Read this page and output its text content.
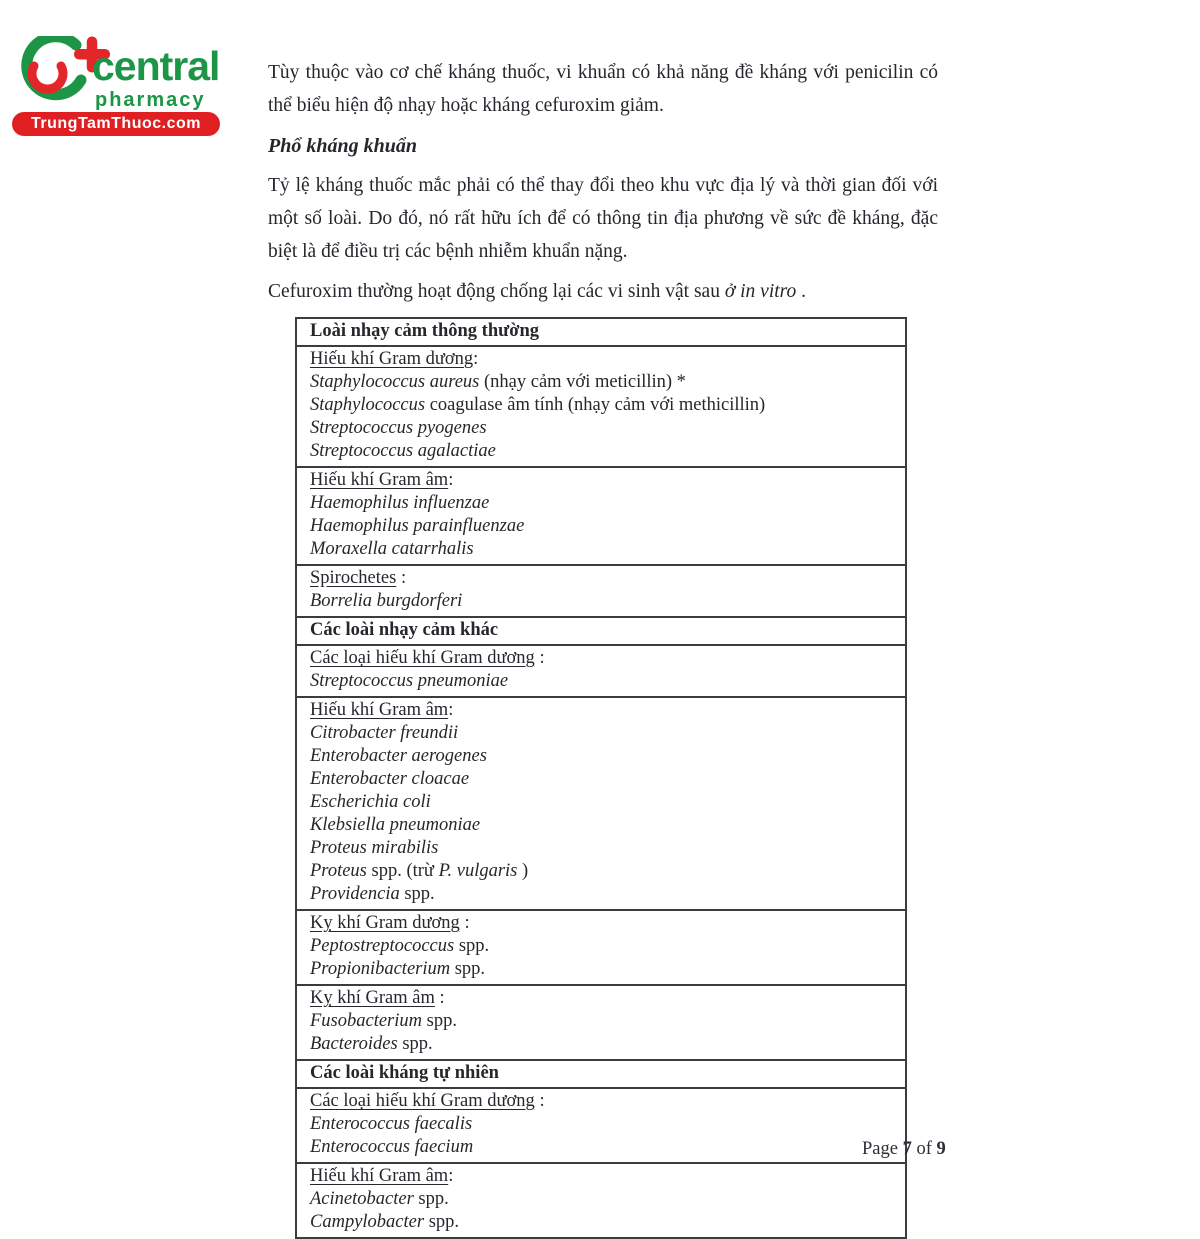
central
pharmacy
TrungTamThuoc.com

Tùy thuộc vào cơ chế kháng thuốc, vi khuẩn có khả năng đề kháng với penicilin có thể biểu hiện độ nhạy hoặc kháng cefuroxim giảm.

Phổ kháng khuẩn

Tỷ lệ kháng thuốc mắc phải có thể thay đổi theo khu vực địa lý và thời gian đối với một số loài. Do đó, nó rất hữu ích để có thông tin địa phương về sức đề kháng, đặc biệt là để điều trị các bệnh nhiễm khuẩn nặng.

Cefuroxim thường hoạt động chống lại các vi sinh vật sau ở in vitro .

Loài nhạy cảm thông thường
Hiếu khí Gram dương:
Staphylococcus aureus (nhạy cảm với meticillin) *
Staphylococcus coagulase âm tính (nhạy cảm với methicillin)
Streptococcus pyogenes
Streptococcus agalactiae
Hiếu khí Gram âm:
Haemophilus influenzae
Haemophilus parainfluenzae
Moraxella catarrhalis
Spirochetes :
Borrelia burgdorferi
Các loài nhạy cảm khác
Các loại hiếu khí Gram dương :
Streptococcus pneumoniae
Hiếu khí Gram âm:
Citrobacter freundii
Enterobacter aerogenes
Enterobacter cloacae
Escherichia coli
Klebsiella pneumoniae
Proteus mirabilis
Proteus spp. (trừ P. vulgaris )
Providencia spp.
Kỵ khí Gram dương :
Peptostreptococcus spp.
Propionibacterium spp.
Kỵ khí Gram âm :
Fusobacterium spp.
Bacteroides spp.
Các loài kháng tự nhiên
Các loại hiếu khí Gram dương :
Enterococcus faecalis
Enterococcus faecium
Hiếu khí Gram âm:
Acinetobacter spp.
Campylobacter spp.
Page 7 of 9
